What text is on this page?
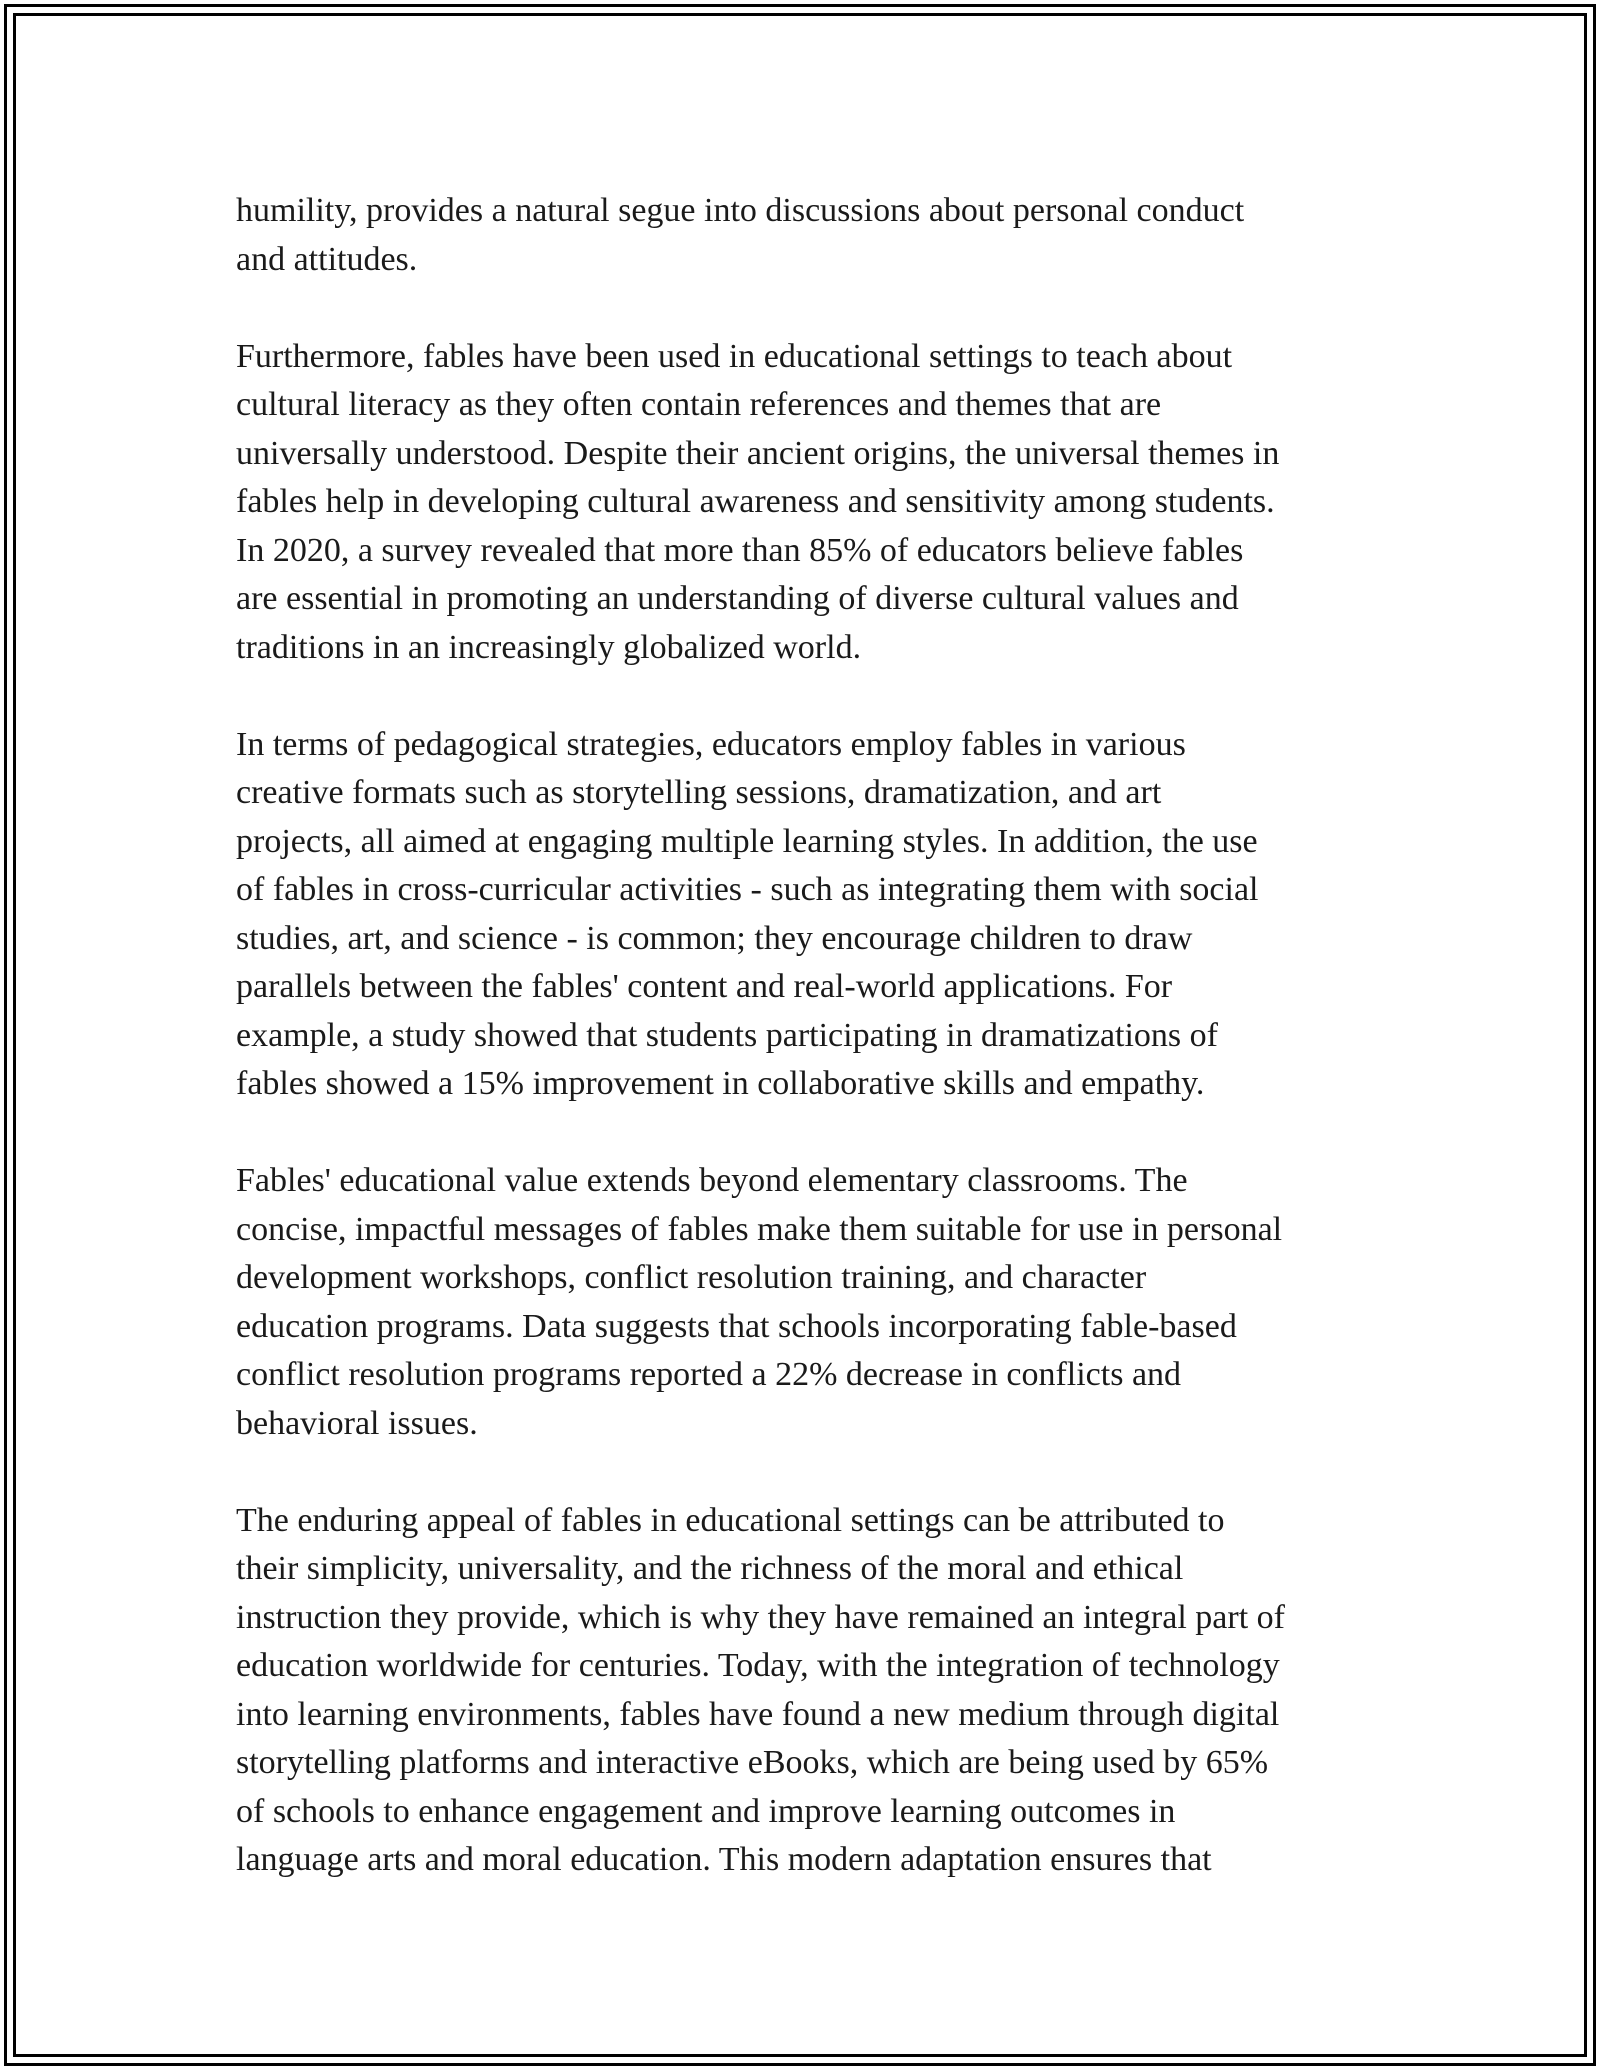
humility, provides a natural segue into discussions about personal conduct
and attitudes.

Furthermore, fables have been used in educational settings to teach about
cultural literacy as they often contain references and themes that are
universally understood. Despite their ancient origins, the universal themes in
fables help in developing cultural awareness and sensitivity among students.
In 2020, a survey revealed that more than 85% of educators believe fables
are essential in promoting an understanding of diverse cultural values and
traditions in an increasingly globalized world.

In terms of pedagogical strategies, educators employ fables in various
creative formats such as storytelling sessions, dramatization, and art
projects, all aimed at engaging multiple learning styles. In addition, the use
of fables in cross-curricular activities - such as integrating them with social
studies, art, and science - is common; they encourage children to draw
parallels between the fables' content and real-world applications. For
example, a study showed that students participating in dramatizations of
fables showed a 15% improvement in collaborative skills and empathy.

Fables' educational value extends beyond elementary classrooms. The
concise, impactful messages of fables make them suitable for use in personal
development workshops, conflict resolution training, and character
education programs. Data suggests that schools incorporating fable-based
conflict resolution programs reported a 22% decrease in conflicts and
behavioral issues.

The enduring appeal of fables in educational settings can be attributed to
their simplicity, universality, and the richness of the moral and ethical
instruction they provide, which is why they have remained an integral part of
education worldwide for centuries. Today, with the integration of technology
into learning environments, fables have found a new medium through digital
storytelling platforms and interactive eBooks, which are being used by 65%
of schools to enhance engagement and improve learning outcomes in
language arts and moral education. This modern adaptation ensures that
